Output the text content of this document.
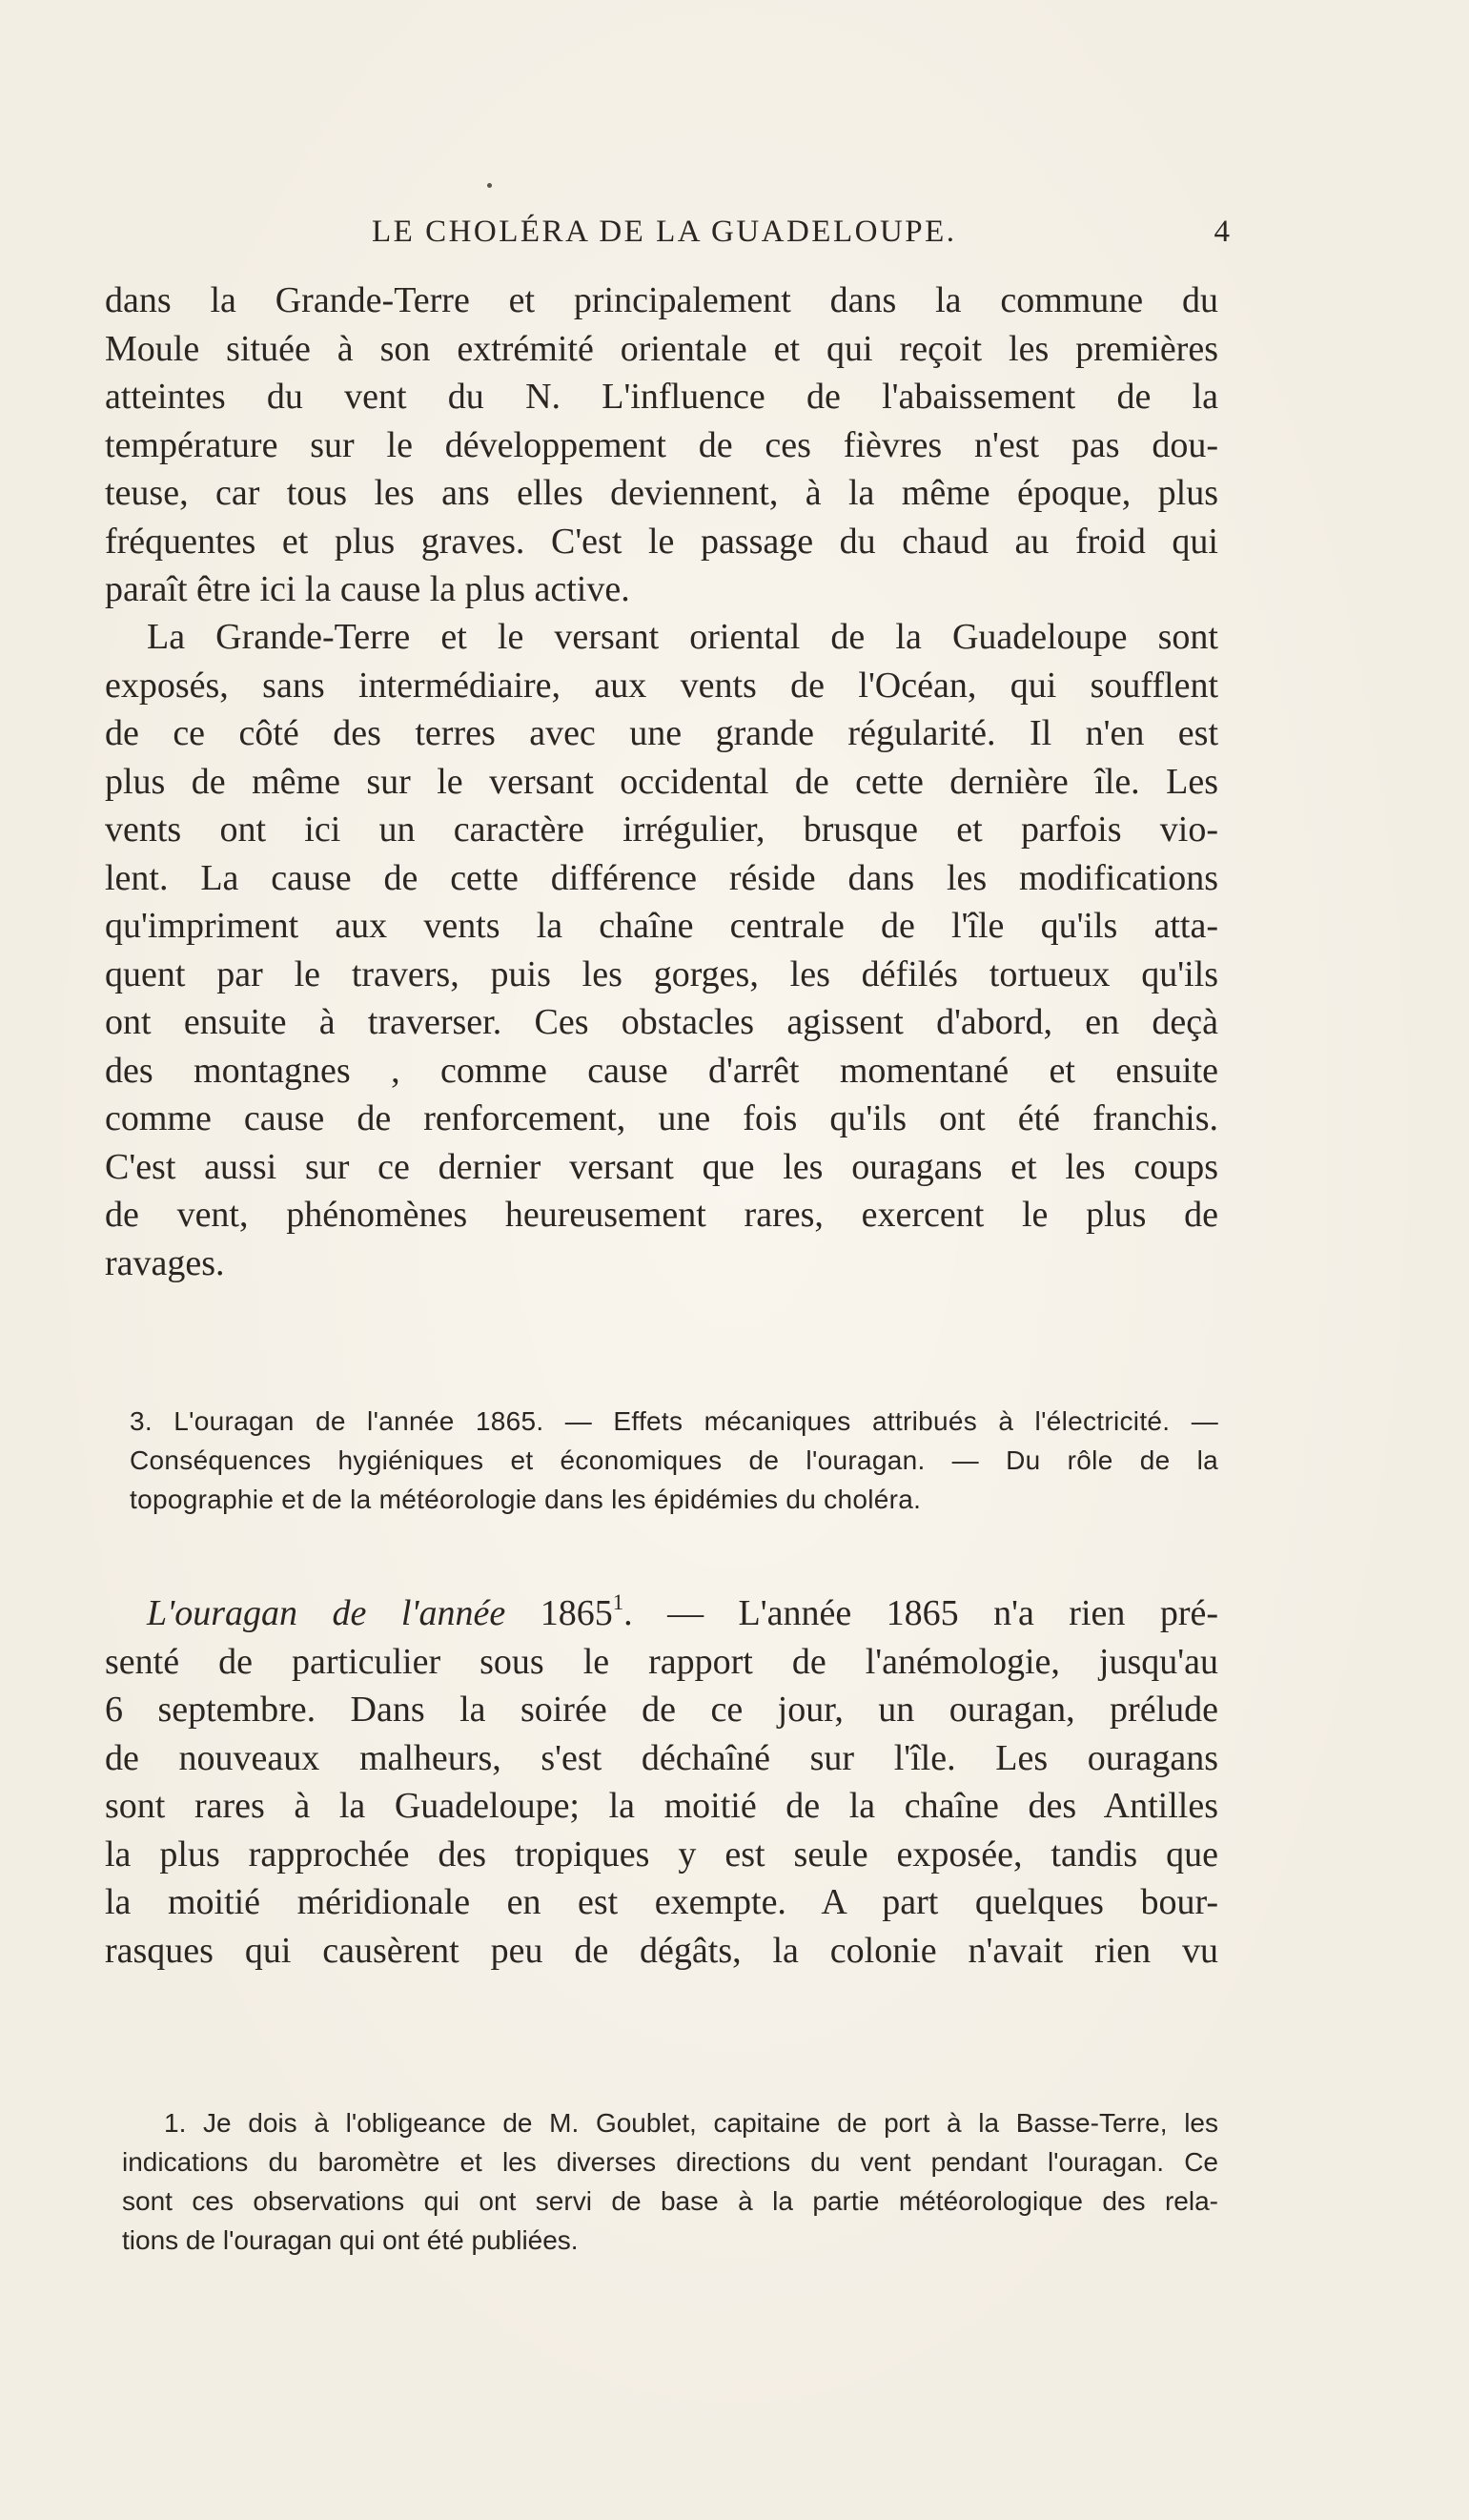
LE CHOLÉRA DE LA GUADELOUPE.	4
dans la Grande-Terre et principalement dans la commune du
Moule située à son extrémité orientale et qui reçoit les premières
atteintes du vent du N. L'influence de l'abaissement de la
température sur le développement de ces fièvres n'est pas dou-
teuse, car tous les ans elles deviennent, à la même époque, plus
fréquentes et plus graves. C'est le passage du chaud au froid qui
paraît être ici la cause la plus active.
La Grande-Terre et le versant oriental de la Guadeloupe sont
exposés, sans intermédiaire, aux vents de l'Océan, qui soufflent
de ce côté des terres avec une grande régularité. Il n'en est
plus de même sur le versant occidental de cette dernière île. Les
vents ont ici un caractère irrégulier, brusque et parfois vio-
lent. La cause de cette différence réside dans les modifications
qu'impriment aux vents la chaîne centrale de l'île qu'ils atta-
quent par le travers, puis les gorges, les défilés tortueux qu'ils
ont ensuite à traverser. Ces obstacles agissent d'abord, en deçà
des montagnes , comme cause d'arrêt momentané et ensuite
comme cause de renforcement, une fois qu'ils ont été franchis.
C'est aussi sur ce dernier versant que les ouragans et les coups
de vent, phénomènes heureusement rares, exercent le plus de
ravages.
3. L'ouragan de l'année 1865. — Effets mécaniques attribués à l'électricité. —
Conséquences hygiéniques et économiques de l'ouragan. — Du rôle de la
topographie et de la météorologie dans les épidémies du choléra.
L'ouragan de l'année 1865$^1$. — L'année 1865 n'a rien pré-
senté de particulier sous le rapport de l'anémologie, jusqu'au
6 septembre. Dans la soirée de ce jour, un ouragan, prélude
de nouveaux malheurs, s'est déchaîné sur l'île. Les ouragans
sont rares à la Guadeloupe; la moitié de la chaîne des Antilles
la plus rapprochée des tropiques y est seule exposée, tandis que
la moitié méridionale en est exempte. A part quelques bour-
rasques qui causèrent peu de dégâts, la colonie n'avait rien vu
1. Je dois à l'obligeance de M. Goublet, capitaine de port à la Basse-Terre, les
indications du baromètre et les diverses directions du vent pendant l'ouragan. Ce
sont ces observations qui ont servi de base à la partie météorologique des rela-
tions de l'ouragan qui ont été publiées.
